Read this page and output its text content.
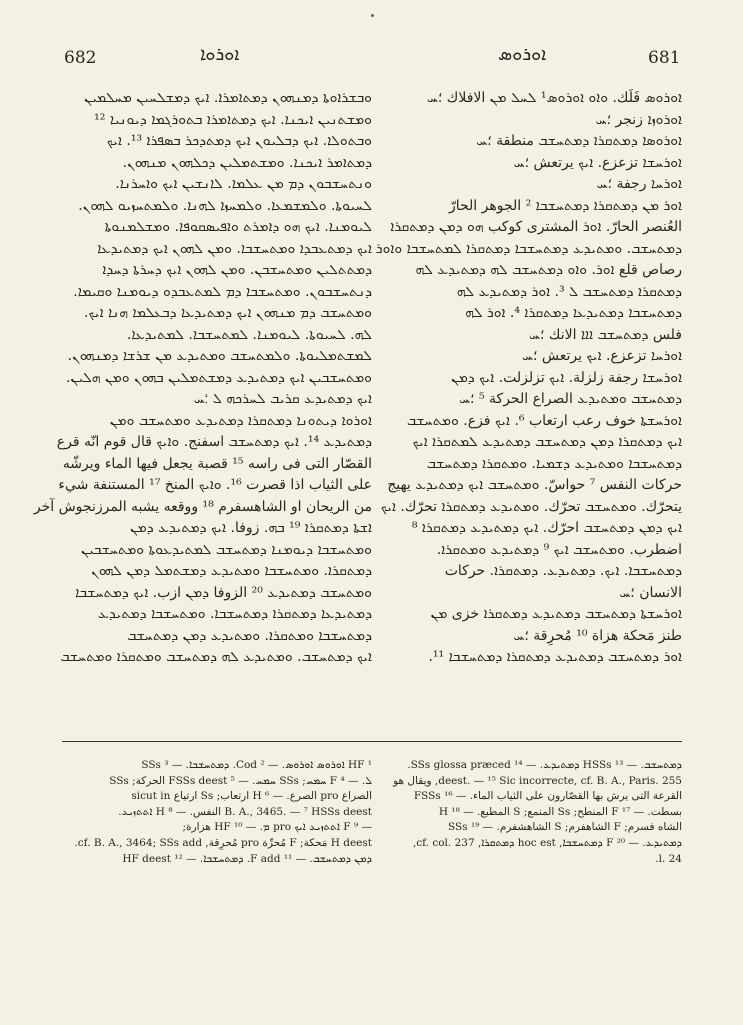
682	ܐܘܪܘܐ	ܐܘܪܘܣ	681
ܘܒܫܪܐܘܬܐ ܕܡܢܗܘܢ ܕܡܬܐܡܪܐ. ܐܝܟ ܕܡܫܠܚܝܢ ܡܚܠܡܝܢ
ܘܡܫܬܢܝܢ ܐܝܟܢܐ. ܐܝܟ ܕܡܬܐܡܪܐ ܒܬܘܪܓܡܐ ܕܝܘܢܝܐ ¹²
ܘܒܬܘܠܐ. ܐܝܟ ܕܒܠܝܘܢ ܐܝܟ ܕܡܬܕܟܪ ܒܣܦܪܐ ¹³. ܐܝܟ
ܕܡܬܐܡܪ ܐܝܟܢܐ. ܘܡܫܬܡܠܝܢ ܕܟܠܗܘܢ ܡܢܗܘܢ.
ܘܢܬܚܫܒܘܢ ܕܡ ܡܢ ܥܠܡܐ. ܠܐܢܫܝܢ ܐܝܟ ܘܐܚܪܢܐ.
ܠܚܝܘܬܐ. ܘܠܡܫܡܥܐ. ܘܠܡܚܙܐ ܠܗܢܐ. ܘܠܡܬܚܙܝܘ ܠܗܘܢ.
ܠܝܘܡܢܐ. ܐܝܟ ܗܘ ܕܐܡܪܬ ܘܐܦܝܣܩܘܦܐ. ܘܡܫܠܡܢܘܬܐ
ܐܝܟ ܕܡܬܥܒܕܐ ܘܡܬܚܫܒܐ. ܘܡܢ ܠܗܘܢ ܐܝܟ ܕܡܬܝܕܥܐ
ܕܡܬܬܠܝܢ ܘܡܬܚܫܒܢ. ܘܡܢ ܠܗܘܢ ܐܝܟ ܕܚܪܬܐ ܕܚܕܐ
ܕܢܬܚܫܒܘܢ. ܘܡܬܚܫܒܐ ܕܡ ܠܡܬܥܒܕܘ ܕܝܘܡܢܐ ܘܩܝܡܐ.
ܘܡܬܚܫܒ ܕܡ ܡܢܗܘܢ ܐܝܟ ܕܡܬܝܕܥܐ ܕܒܥܠܡܐ ܗܢܐ ܐܝܟ.
ܠܗ. ܠܚܝܘܬܐ. ܠܝܘܡܢܐ. ܠܡܬܚܫܒܐ. ܠܡܬܝܕܥܐ.
ܠܡܫܬܡܠܝܘܬܐ. ܘܠܡܬܚܫܒ ܘܡܬܝܕܥ ܡܢ ܫܪܫܐ ܕܡܢܗܘܢ.
ܘܡܬܚܫܒܝܢ ܐܝܟ ܕܡܬܝܕܥ ܕܡܫܬܡܠܝܢ ܒܗܘܢ ܘܡܢ ܗܠܝܢ.
ܐܝܟ ܕܡܬܝܕܥ ܩܪܝܒ ܠܚܪܟܗ ܠ ؛ܚ
ܐܘܪܘܐ ܕܝܬܘܢܐ ܕܡܬܩܪܐ ܕܡܬܝܕܥ ܘܡܬܚܫܒ ܘܡܢ
ܕܡܬܝܕܥ ¹⁴. ܐܝܟ ܕܡܬܚܫܒ اسفنج. ܘܐܝܟ قال قوم انّه قرع
القصّار التى فى راسه ¹⁵ قصبة يجعل فيها الماء ويرشّه
على الثياب اذا قصرت ¹⁶. ܘܐܝܟ المنخ ¹⁷ المستنفة شيء
من الريحان او الشاهسفرم ¹⁸ ووقعه يشبه المرزنجوش آخر
ܐܫܬܐ ܕܡܬܩܪܐ ¹⁹ ܒܗ. زوفا. ܐܝܟ ܕܡܬܝܕܥ ܕܡܢ
ܘܡܬܚܫܒܐ ܕܝܘܡܢܐ ܕܡܬܚܫܒ ܠܡܬܝܕܥܘܬܐ ܘܡܬܚܫܒܝܢ
ܕܡܬܩܪܐ. ܘܡܬܚܫܒܐ ܘܡܬܝܕܥ ܕܡܫܬܡܠ ܕܡܢ ܠܗܘܢ
ܘܡܬܚܫܒ ܕܡܬܝܕܥ ²⁰ الزوفا ܕܡܢ ازب. ܐܝܟ ܕܡܬܚܫܒܐ
ܕܡܬܝܕܥܐ ܕܡܬܩܪܐ ܕܡܬܚܫܒܐ. ܘܡܬܚܫܒܐ ܕܡܬܝܕܥ
ܕܡܬܚܫܒܐ ܘܡܬܩܪܐ. ܘܡܬܝܕܥ ܕܡܢ ܕܡܬܚܫܒ
ܐܝܟ ܕܡܬܚܫܒ. ܘܡܬܝܕܥ ܠܗ ܕܡܬܚܫܒ ܘܡܬܩܪܐ ܘܡܬܚܫܒ
ܐܘܪܘܣ فَلَك. ܘܐܘ ܐܘܪܘܣ¹ ܠܚܠ ܡܢ الافلاك ؛ܚ
ܐܘܪܘܙܐ زنجر ؛ܚ
ܐܘܪܘܣܐ ܕܡܬܩܪܐ ܕܡܬܚܫܒ منطقة ؛ܚ
ܐܘܪܚܫܐ تزعزع. ܐܝܟ يرتعش ؛ܚ
ܐܘܪܚܐ رجفة ؛ܚ
ܐܘܪ ܡܢ ܕܡܬܩܪܐ ܕܡܬܚܫܒܐ ² الجوهر الحارّ
العُنصر الحارّ. ܐܘܪ المشترى كوكب ܗܘ ܕܡܢ ܕܡܬܩܪܐ
ܕܡܬܚܫܒ. ܘܡܬܝܕܥ ܕܡܬܚܫܒܐ ܕܡܬܩܪܐ ܠܡܬܚܫܒܐ ܘܐܘܪ
رصاص قلع ܐܘܪ. ܘܐܘ ܕܡܬܚܫܒ ܠܗ ܕܡܬܝܕܥ ܠܗ
ܕܡܬܩܪܐ ܕܡܬܚܫܒ ܠ ³. ܐܘܪ ܕܡܬܝܕܥ ܠܗ
ܕܡܬܚܫܒܐ ܕܡܬܝܕܥܐ ܕܡܬܩܪܐ ⁴. ܐܘܪ ܠܗ
فلس ܕܡܬܚܫܒ ܐܐܐ الانك ؛ܚ
ܐܘܪܚܐ تزعزع. ܐܝܟ يرتعش ؛ܚ
ܐܘܪܚܫܐ رجفة زلزلة. ܐܝܟ تزلزلت. ܐܝܟ ܕܡܢ
ܕܡܬܚܫܒ ܘܡܬܝܕܥ الصراع الحركة ⁵ ؛ܚ
ܐܘܪܚܫܬܐ خوف رعب ارتعاب ⁶. ܐܝܟ فزع. ܘܡܬܚܫܒ
ܐܝܟ ܕܡܬܩܪܐ ܕܡܢ ܕܡܬܚܫܒ ܕܡܬܝܕܥ ܠܡܬܩܪܐ ܐܝܟ
ܕܡܬܚܫܒܐ ܘܡܬܝܕܥ ܕܫܡܝܐ. ܘܡܬܩܪܐ ܕܡܬܚܫܒ
حركات النفس ⁷ حواسّ. ܘܡܬܚܫܒ ܐܝܟ ܕܡܬܝܕܥ يهيج
يتحرّك. ܘܡܬܚܫܒ تحرّك. ܘܡܬܝܕܥ ܕܡܬܩܪܐ تحرّك. ܐܝܟ
ܐܝܟ ܕܡܢ ܕܡܬܚܫܒ احرّك. ܐܝܟ ܕܡܬܝܕܥ ܕܡܬܩܪܐ ⁸
اضطرب. ܘܡܬܚܫܒ ܐܝܟ ⁹ ܕܡܬܝܕܥ ܘܡܬܩܪܐ.
ܕܡܬܚܫܒܐ. ܐܝܟ. ܕܡܬܝܕܥ. ܕܡܬܩܪܐ. حركات
الانسان ؛ܚ
ܐܘܪܚܫܬܐ ܕܡܬܚܫܒ ܕܡܬܝܕܥ ܕܡܬܩܪܐ خزی ܡܢ
طنز مَحكة هزاة ¹⁰ مُحرِقة ؛ܚ
ܐܘܪ ܕܡܬܚܫܒ ܕܡܬܝܕܥ ܕܡܬܩܪܐ ܕܡܬܚܫܒܐ ¹¹.
¹ HF ܐܘܪܘܣ ܐܘܪܘܣ. — ² Cod. ܕܡܬܚܫܒܐ. — ³ SSs
ܠ. — ⁴ F ܚܡܚ; SSs ܚܡܚ. — ⁵ FSSs deest الحركة; SSs
الصراع pro الصرع. — ⁶ H ارتعاب; Ss ارتياع sicut in
B. A., 3465. — ⁷ HSSs deest النفس. — ⁸ H ܐܬܬܙܝܥ.
— ⁹ F ܐܬܬܙܝܥ ܐܝܟ pro ܡ. — ¹⁰ HF هزارة;
H deest مَحكة; F مُحرِّة pro مُحرِقة, cf. B. A., 3464; SSs add.
ܕܡܢ ܕܡܬܚܫܒ. — ¹¹ F add. ܕܡܬܚܫܒܐ. — ¹² HF deest
ܕܡܬܚܫܒ. — ¹³ HSSs ܕܡܬܝܕܥ. — ¹⁴ SSs glossa præced.
deest. — ¹⁵ Sic incorrecte, cf. B. A., Paris. 255, ويقال هو
القرعة التى يرش بها القصّارون على الثياب الماء. — ¹⁶ FSSs
بسطت. — ¹⁷ F المنطح; Ss المنمع; S المطبع. — ¹⁸ H
الشاه فسرم; F الشاهفرم; S الشاهشفرم. — ¹⁹ SSs
ܕܡܬܝܕܥ. — ²⁰ F ܕܡܬܚܫܒܐ, hoc est ܕܡܬܩܪܐ, cf. col. 237,
l. 24.
